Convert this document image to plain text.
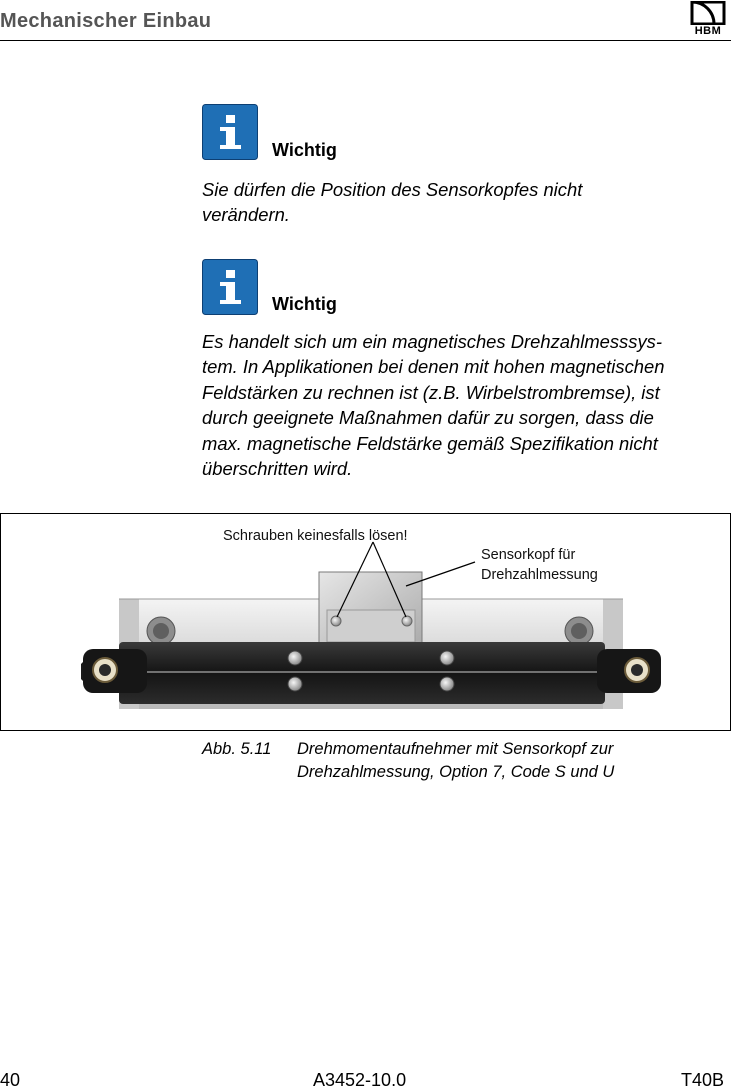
Mechanischer Einbau	HBM
Wichtig
Sie dürfen die Position des Sensorkopfes nicht
verändern.
Wichtig
Es handelt sich um ein magnetisches Drehzahlmesssys-
tem. In Applikationen bei denen mit hohen magnetischen
Feldstärken zu rechnen ist (z.B. Wirbelstrombremse), ist
durch geeignete Maßnahmen dafür zu sorgen, dass die
max. magnetische Feldstärke gemäß Spezifikation nicht
überschritten wird.
Schrauben keinesfalls lösen!
Sensorkopf für
Drehzahlmessung
Abb. 5.11 Drehmomentaufnehmer mit Sensorkopf zur
Drehzahlmessung, Option 7, Code S und U
40	A3452-10.0	T40B
